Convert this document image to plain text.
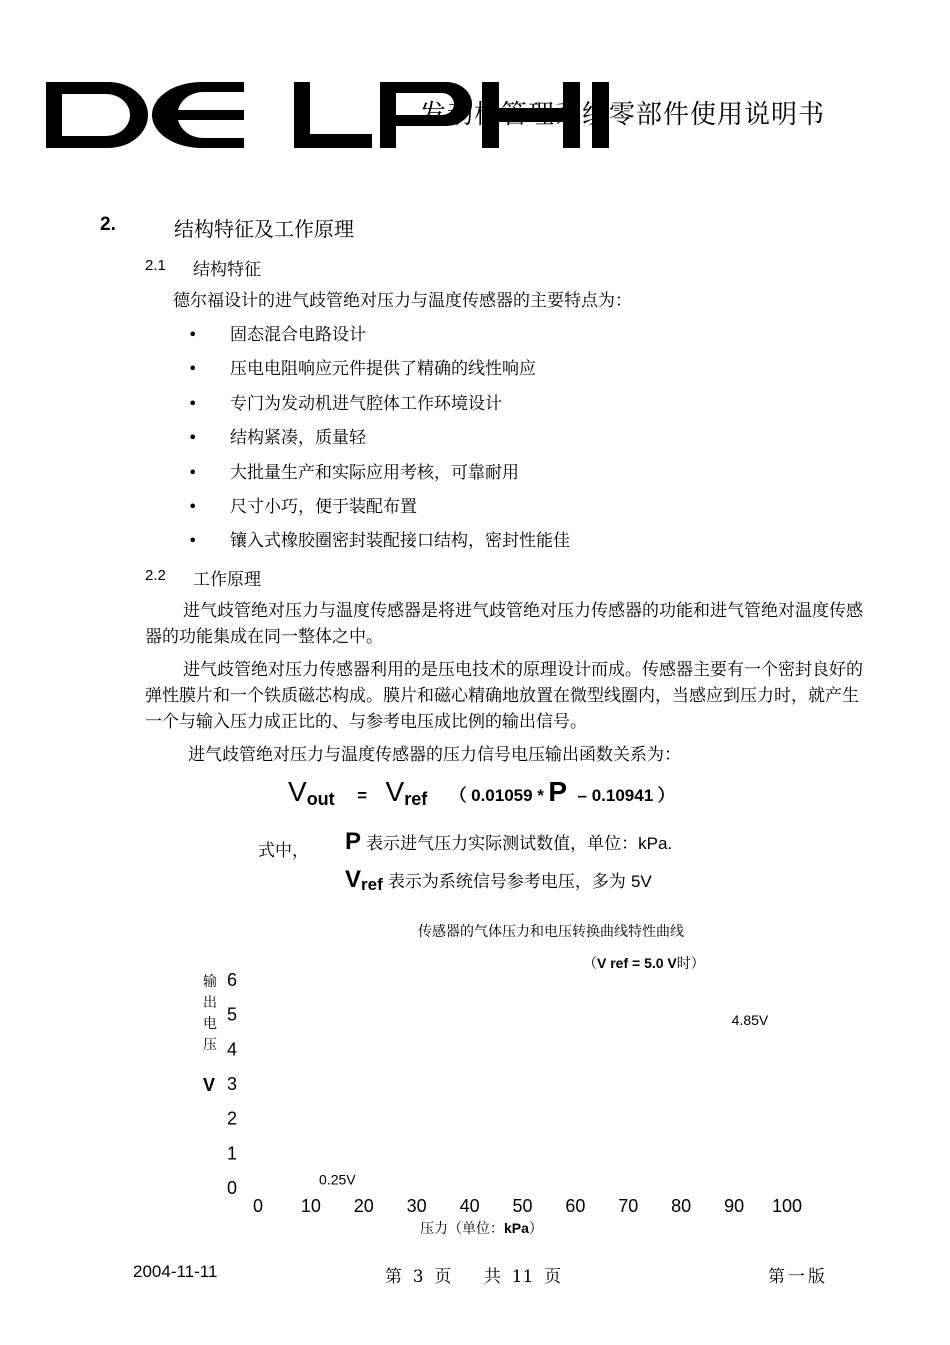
发动机管理系统零部件使用说明书
2.	结构特征及工作原理
2.1 结构特征

德尔福设计的进气歧管绝对压力与温度传感器的主要特点为：

• 固态混合电路设计
• 压电电阻响应元件提供了精确的线性响应
• 专门为发动机进气腔体工作环境设计
• 结构紧凑，质量轻
• 大批量生产和实际应用考核，可靠耐用
• 尺寸小巧，便于装配布置
• 镶入式橡胶圈密封装配接口结构，密封性能佳
2.2 工作原理

进气歧管绝对压力与温度传感器是将进气歧管绝对压力传感器的功能和进气管绝对温度传感器的功能集成在同一整体之中。

进气歧管绝对压力传感器利用的是压电技术的原理设计而成。传感器主要有一个密封良好的弹性膜片和一个铁质磁芯构成。膜片和磁心精确地放置在微型线圈内，当感应到压力时，就产生一个与输入压力成正比的、与参考电压成比例的输出信号。

进气歧管绝对压力与温度传感器的压力信号电压输出函数关系为：

Vout = Vref （ 0.01059 * P – 0.10941 ）
式中， P 表示进气压力实际测试数值，单位：kPa.
Vref 表示为系统信号参考电压，多为 5V
传感器的气体压力和电压转换曲线特性曲线
（V ref = 5.0 V时）
输
出
电
压
V
0 10 20 30 40 50 60 70 80 90 100
0
1
2
3
4
5
6
0.25V
4.85V
压力（单位：kPa）
2004-11-11	第  3  页      共  11  页	第一版
